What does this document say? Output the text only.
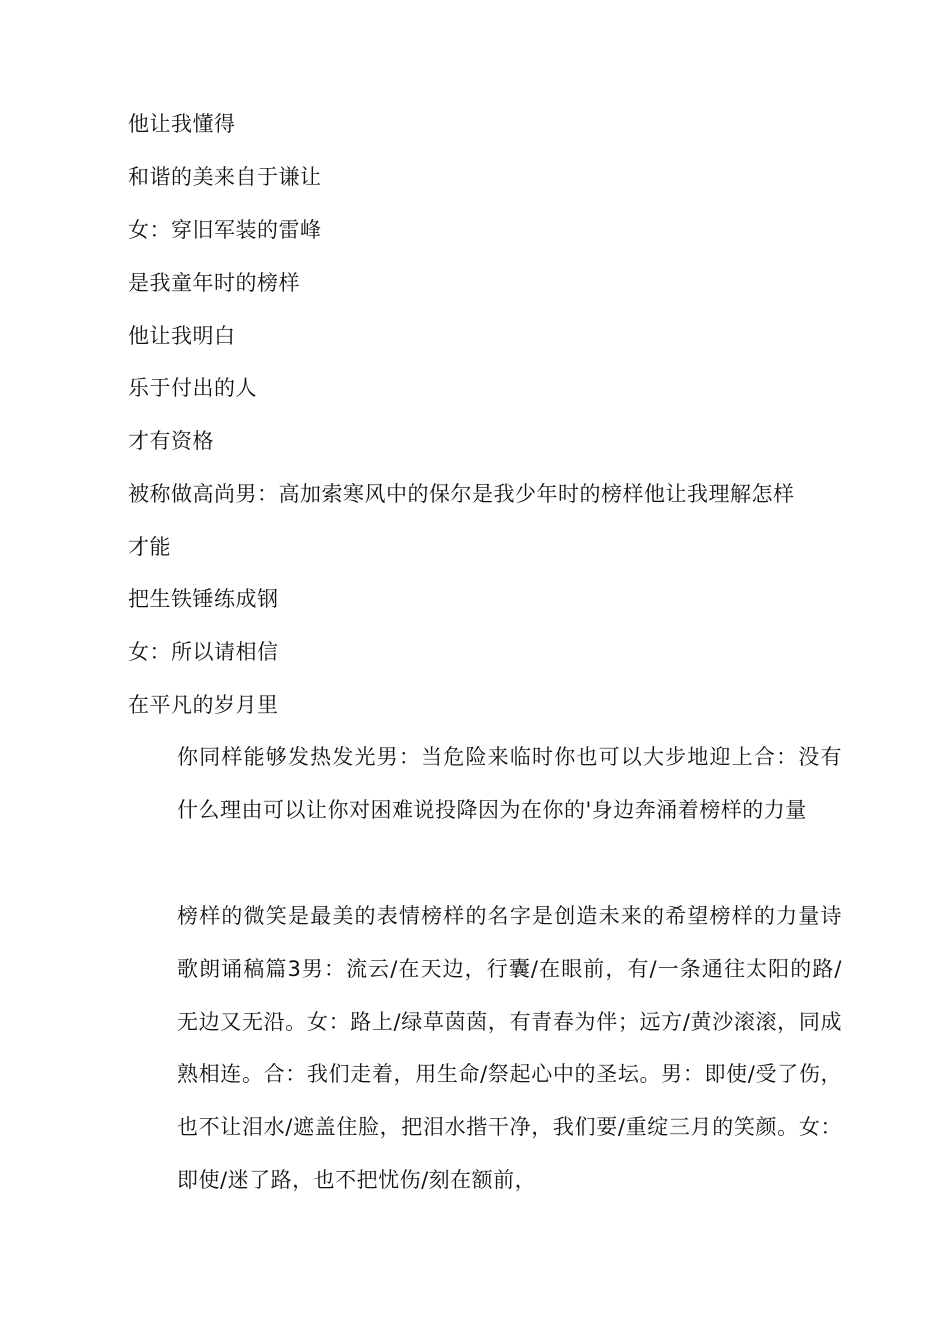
他让我懂得
和谐的美来自于谦让
女：穿旧军装的雷峰
是我童年时的榜样
他让我明白
乐于付出的人
才有资格
被称做高尚男：高加索寒风中的保尔是我少年时的榜样他让我理解怎样
才能
把生铁锤练成钢
女：所以请相信
在平凡的岁月里
你同样能够发热发光男：当危险来临时你也可以大步地迎上合：没有什么理由可以让你对困难说投降因为在你的'身边奔涌着榜样的力量
榜样的微笑是最美的表情榜样的名字是创造未来的希望榜样的力量诗歌朗诵稿篇3男：流云/在天边，行囊/在眼前，有/一条通往太阳的路/无边又无沿。女：路上/绿草茵茵，有青春为伴；远方/黄沙滚滚，同成熟相连。合：我们走着，用生命/祭起心中的圣坛。男：即使/受了伤，也不让泪水/遮盖住脸，把泪水揩干净，我们要/重绽三月的笑颜。女：即使/迷了路，也不把忧伤/刻在额前，
